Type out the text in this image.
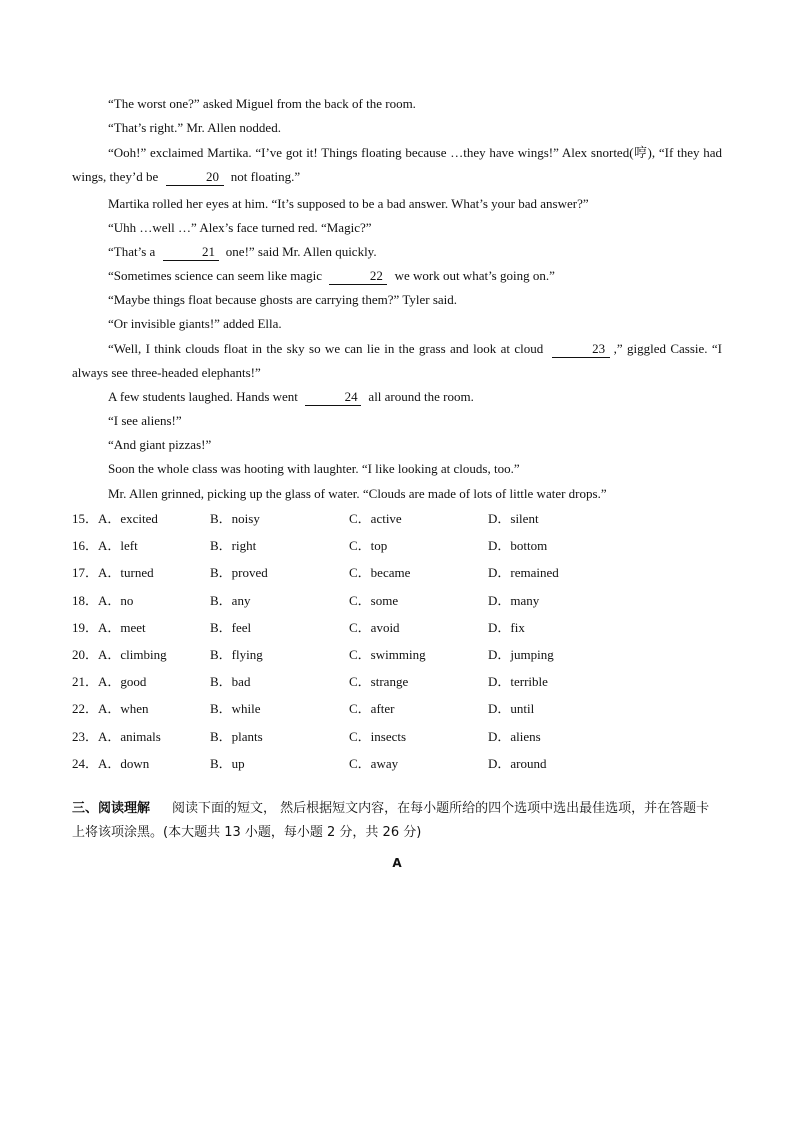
“The worst one?” asked Miguel from the back of the room.

“That’s right.” Mr. Allen nodded.

“Ooh!” exclaimed Martika. “I’ve got it! Things floating because …they have wings!” Alex snorted(哼), “If they had wings, they’d be	20 not floating.”

Martika rolled her eyes at him. “It’s supposed to be a bad answer. What’s your bad answer?”

“Uhh …well …” Alex’s face turned red. “Magic?”

“That’s a	21 one!” said Mr. Allen quickly.

“Sometimes science can seem like magic	22 we work out what’s going on.”

“Maybe things float because ghosts are carrying them?” Tyler said.

“Or invisible giants!” added Ella.

“Well, I think clouds float in the sky so we can lie in the grass and look at cloud	23 ,” giggled Cassie. “I always see three-headed elephants!”

A few students laughed. Hands went	24 all around the room.

“I see aliens!”

“And giant pizzas!”

Soon the whole class was hooting with laughter. “I like looking at clouds, too.”

Mr. Allen grinned, picking up the glass of water. “Clouds are made of lots of little water drops.”

15． A．excited	B．noisy	C．active	D．silent
16． A．left	B．right	C．top	D．bottom
17． A．turned	B．proved	C．became	D．remained
18． A．no	B．any	C．some	D．many
19． A．meet	B．feel	C．avoid	D．fix
20． A．climbing	B．flying	C．swimming	D．jumping
21． A．good	B．bad	C．strange	D．terrible
22． A．when	B．while	C．after	D．until
23． A．animals	B．plants	C．insects	D．aliens
24． A．down	B．up	C．away	D．around

三、阅读理解 阅读下面的短文， 然后根据短文内容，在每小题所给的四个选项中选出最佳选项，并在答题卡上将该项涂黑。(本大题共 13 小题，每小题 2 分，共 26 分)

A
